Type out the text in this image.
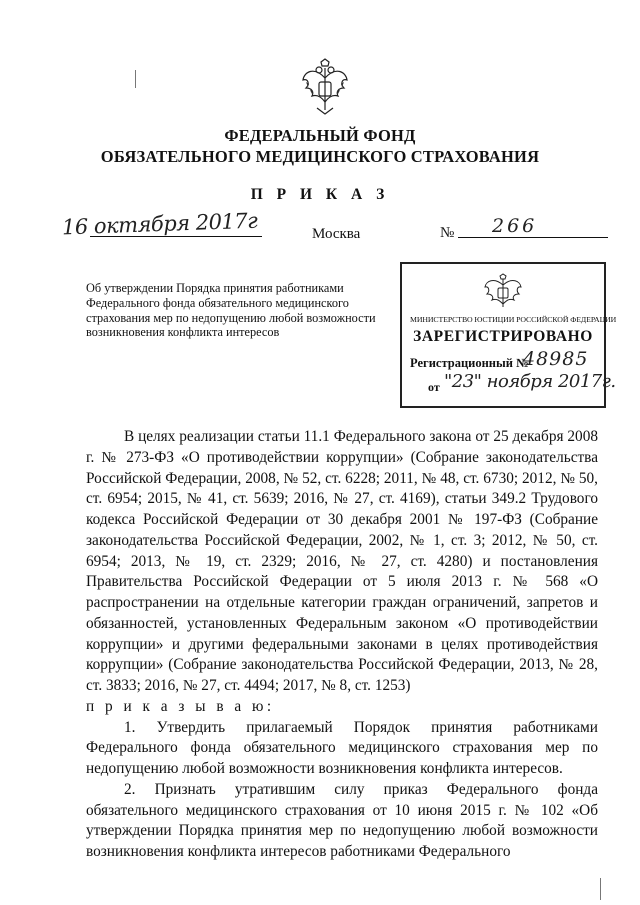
ФЕДЕРАЛЬНЫЙ ФОНД
ОБЯЗАТЕЛЬНОГО МЕДИЦИНСКОГО СТРАХОВАНИЯ
П Р И К А З
16 октября 2017г	Москва	№ 266
Об утверждении Порядка принятия работниками Федерального фонда обязательного медицинского страхования мер по недопущению любой возможности возникновения конфликта интересов
МИНИСТЕРСТВО ЮСТИЦИИ РОССИЙСКОЙ ФЕДЕРАЦИИ
ЗАРЕГИСТРИРОВАНО
Регистрационный №
48985
от "23" ноября 2017г.

В целях реализации статьи 11.1 Федерального закона от 25 декабря 2008 г. № 273-ФЗ «О противодействии коррупции» (Собрание законодательства Российской Федерации, 2008, № 52, ст. 6228; 2011, № 48, ст. 6730; 2012, № 50, ст. 6954; 2015, № 41, ст. 5639; 2016, № 27, ст. 4169), статьи 349.2 Трудового кодекса Российской Федерации от 30 декабря 2001 № 197-ФЗ (Собрание законодательства Российской Федерации, 2002, № 1, ст. 3; 2012, № 50, ст. 6954; 2013, № 19, ст. 2329; 2016, № 27, ст. 4280) и постановления Правительства Российской Федерации от 5 июля 2013 г. № 568 «О распространении на отдельные категории граждан ограничений, запретов и обязанностей, установленных Федеральным законом «О противодействии коррупции» и другими федеральными законами в целях противодействия коррупции» (Собрание законодательства Российской Федерации, 2013, № 28, ст. 3833; 2016, № 27, ст. 4494; 2017, № 8, ст. 1253)

п р и к а з ы в а ю:

1. Утвердить прилагаемый Порядок принятия работниками Федерального фонда обязательного медицинского страхования мер по недопущению любой возможности возникновения конфликта интересов.

2. Признать утратившим силу приказ Федерального фонда обязательного медицинского страхования от 10 июня 2015 г. № 102 «Об утверждении Порядка принятия мер по недопущению любой возможности возникновения конфликта интересов работниками Федерального
